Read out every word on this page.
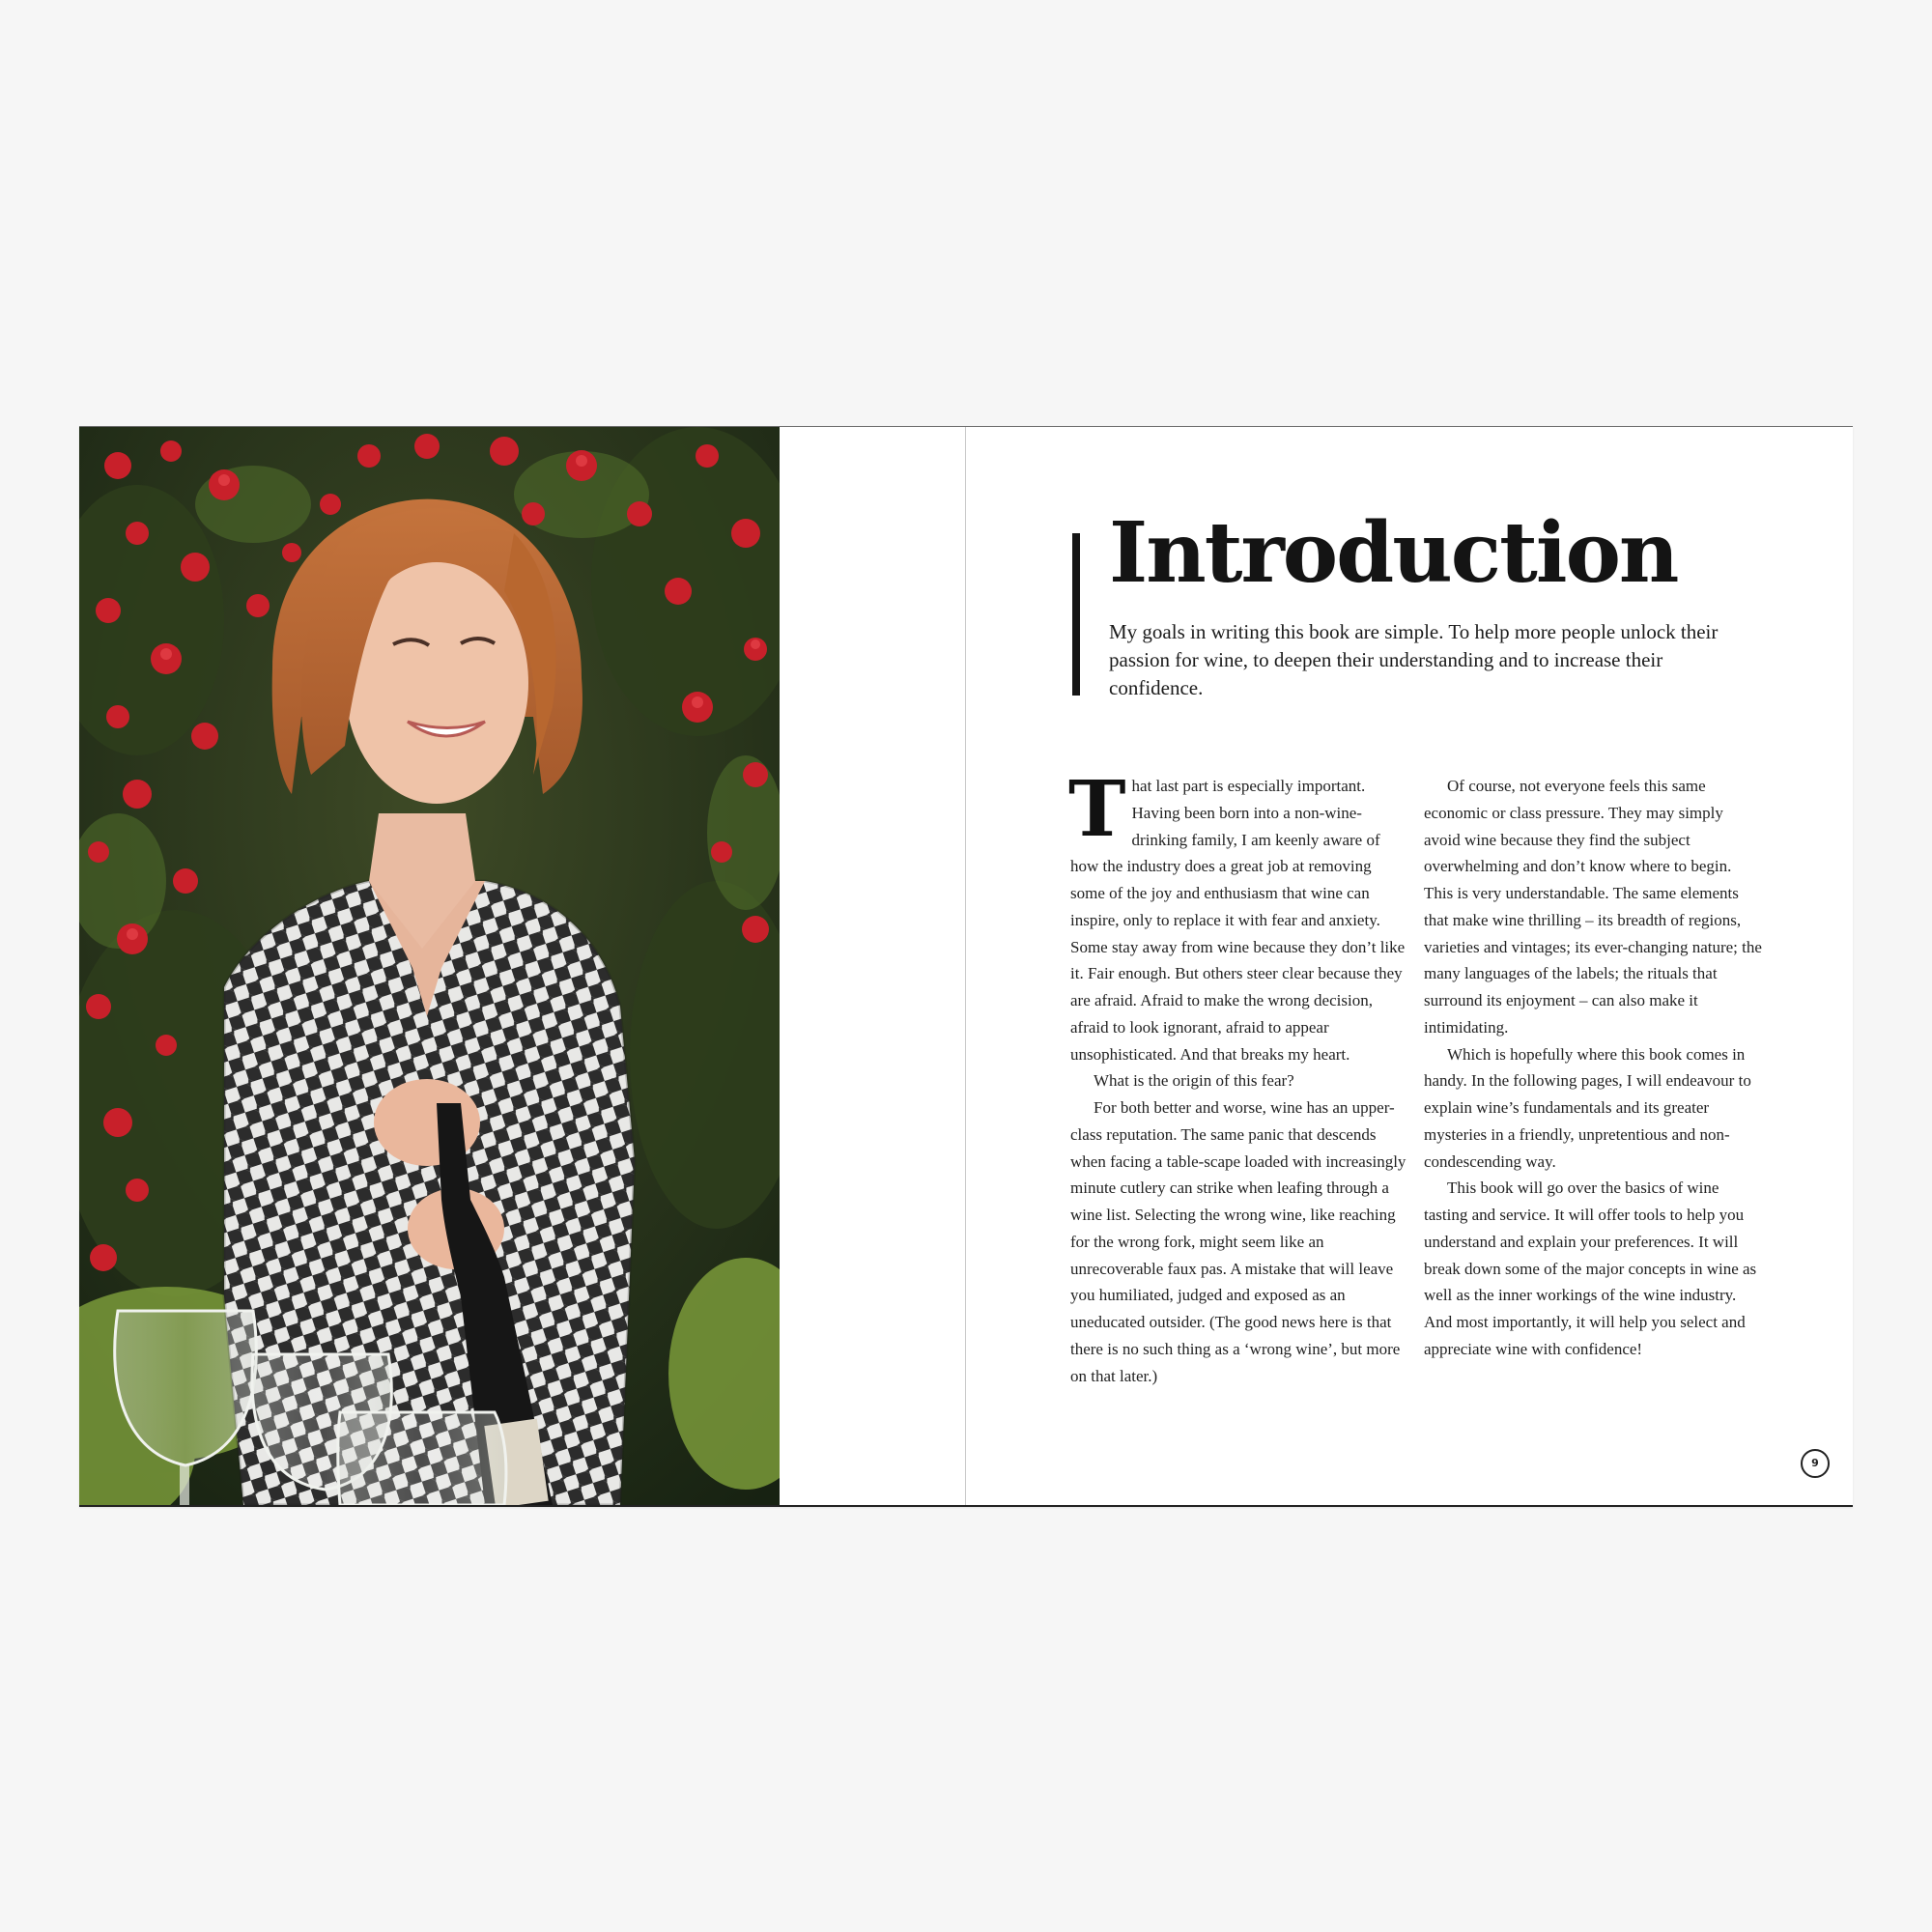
Introduction

My goals in writing this book are simple. To help more people unlock their passion for wine, to deepen their understanding and to increase their confidence.

That last part is especially important. Having been born into a non-wine-drinking family, I am keenly aware of how the industry does a great job at removing some of the joy and enthusiasm that wine can inspire, only to replace it with fear and anxiety. Some stay away from wine because they don’t like it. Fair enough. But others steer clear because they are afraid. Afraid to make the wrong decision, afraid to look ignorant, afraid to appear unsophisticated. And that breaks my heart.

What is the origin of this fear?

For both better and worse, wine has an upper-class reputation. The same panic that descends when facing a table-scape loaded with increasingly minute cutlery can strike when leafing through a wine list. Selecting the wrong wine, like reaching for the wrong fork, might seem like an unrecoverable faux pas. A mistake that will leave you humiliated, judged and exposed as an uneducated outsider. (The good news here is that there is no such thing as a ‘wrong wine’, but more on that later.)

Of course, not everyone feels this same economic or class pressure. They may simply avoid wine because they find the subject overwhelming and don’t know where to begin. This is very understandable. The same elements that make wine thrilling – its breadth of regions, varieties and vintages; its ever-changing nature; the many languages of the labels; the rituals that surround its enjoyment – can also make it intimidating.

Which is hopefully where this book comes in handy. In the following pages, I will endeavour to explain wine’s fundamentals and its greater mysteries in a friendly, unpretentious and non-condescending way.

This book will go over the basics of wine tasting and service. It will offer tools to help you understand and explain your preferences. It will break down some of the major concepts in wine as well as the inner workings of the wine industry. And most importantly, it will help you select and appreciate wine with confidence!

9
